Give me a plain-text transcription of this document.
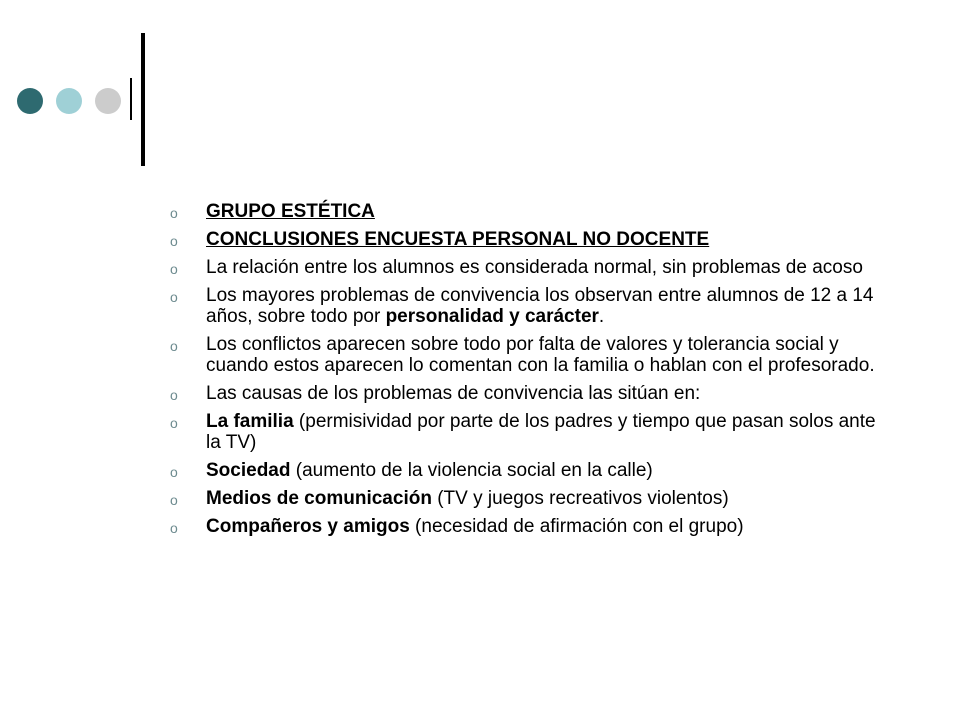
o GRUPO ESTÉTICA
o CONCLUSIONES ENCUESTA PERSONAL NO DOCENTE
o La relación entre los alumnos es considerada normal, sin problemas de acoso
o Los mayores problemas de convivencia los observan entre alumnos de 12 a 14 años, sobre todo por personalidad y carácter.
o Los conflictos aparecen sobre todo por falta de valores y tolerancia social y cuando estos aparecen lo comentan con la familia o hablan con el profesorado.
o Las causas de los problemas de convivencia las sitúan en:
o La familia (permisividad por parte de los padres y tiempo que pasan solos ante la TV)
o Sociedad (aumento de la violencia social en la calle)
o Medios de comunicación (TV y juegos recreativos violentos)
o Compañeros y amigos (necesidad de afirmación con el grupo)
